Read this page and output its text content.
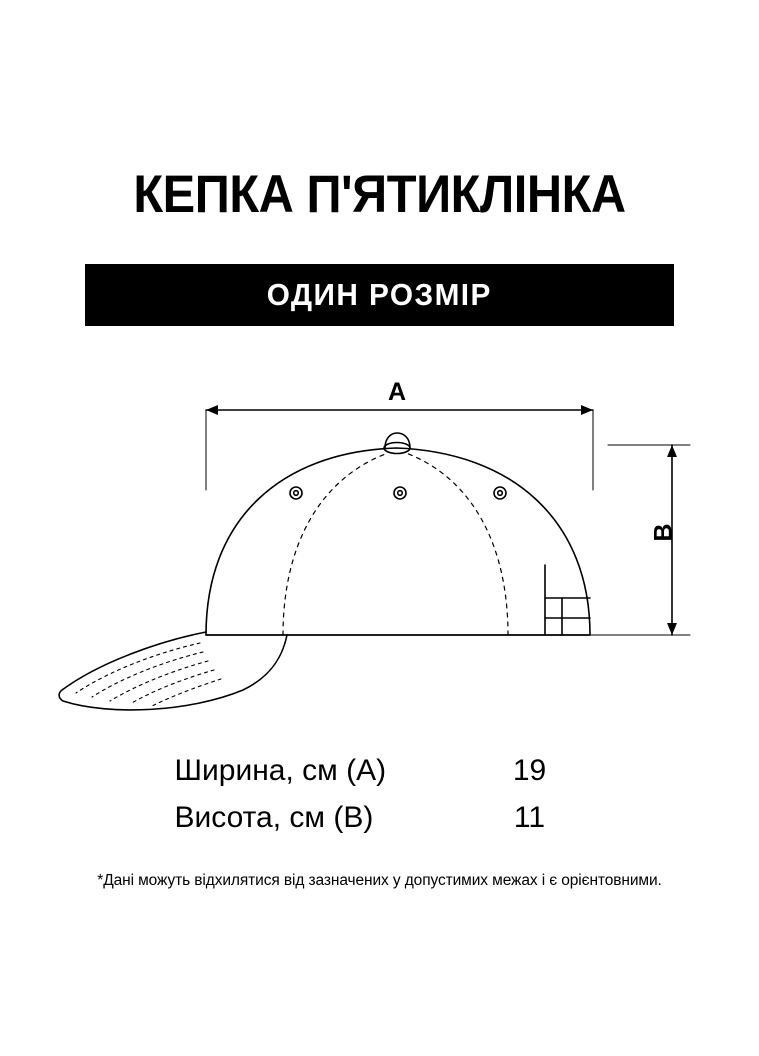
КЕПКА П'ЯТИКЛІНКА
ОДИН РОЗМІР
A
B
Ширина, см (A)	19
Висота, см (B)	11
*Дані можуть відхилятися від зазначених у допустимих межах і є орієнтовними.
